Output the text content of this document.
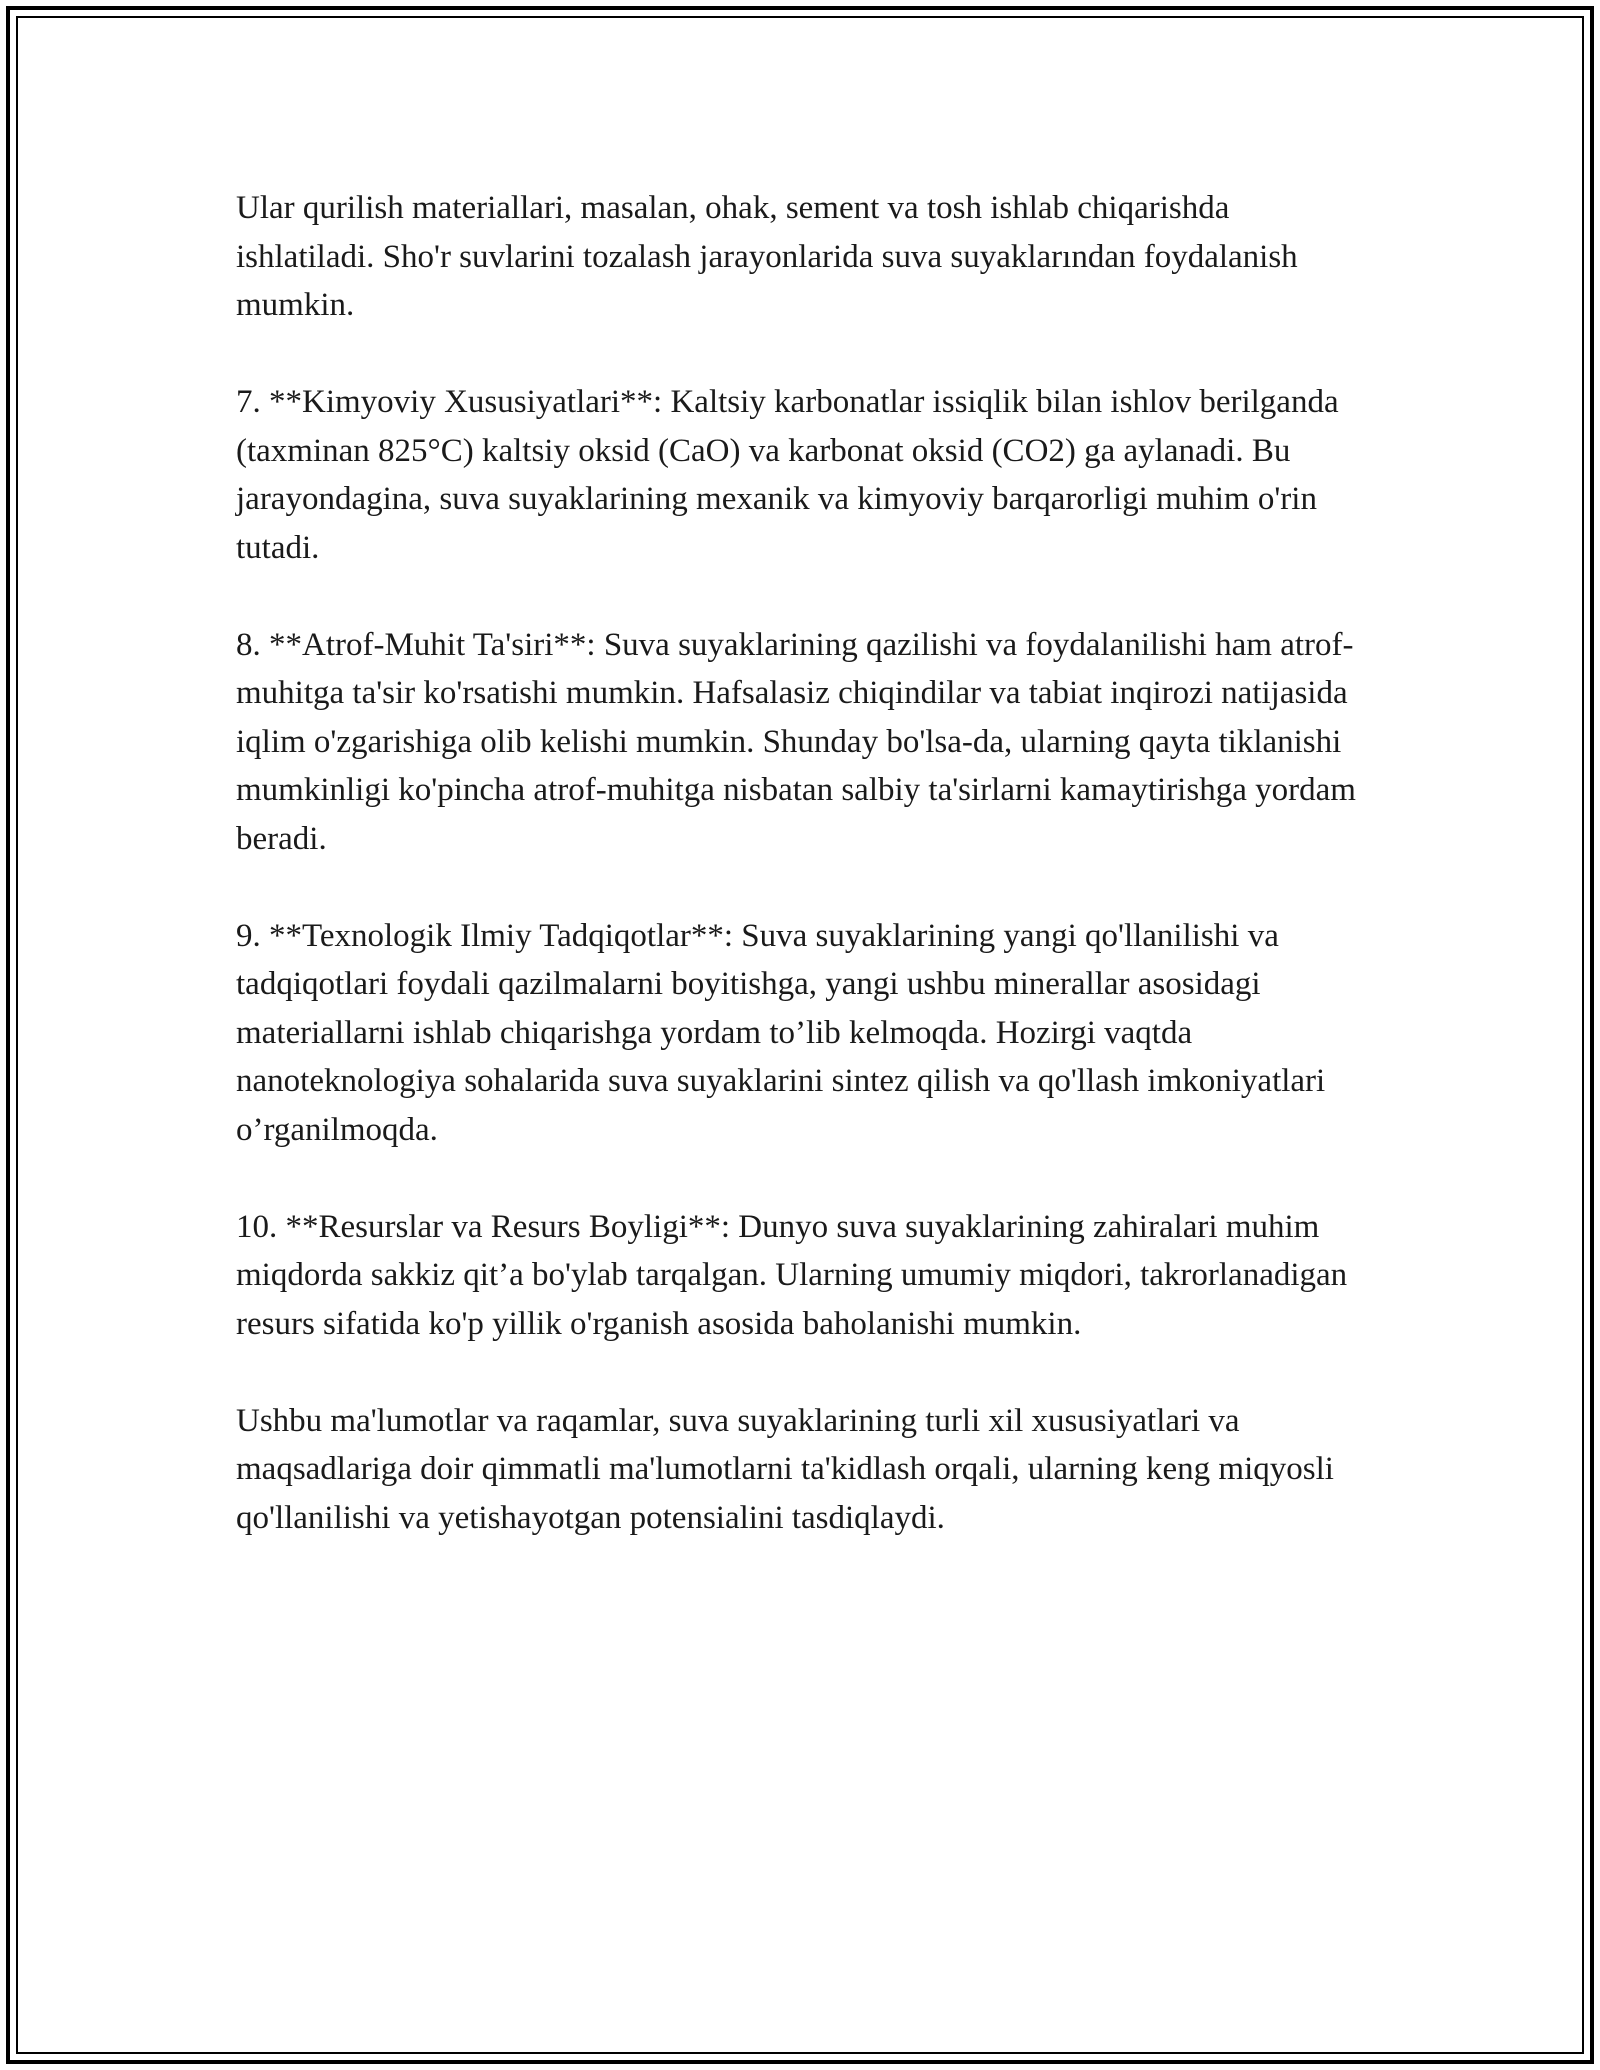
Ular qurilish materiallari, masalan, ohak, sement va tosh ishlab chiqarishda ishlatiladi. Sho'r suvlarini tozalash jarayonlarida suva suyaklarından foydalanish mumkin.

7. **Kimyoviy Xususiyatlari**: Kaltsiy karbonatlar issiqlik bilan ishlov berilganda (taxminan 825°C) kaltsiy oksid (CaO) va karbonat oksid (CO2) ga aylanadi. Bu jarayondagina, suva suyaklarining mexanik va kimyoviy barqarorligi muhim o'rin tutadi.

8. **Atrof-Muhit Ta'siri**: Suva suyaklarining qazilishi va foydalanilishi ham atrof-muhitga ta'sir ko'rsatishi mumkin. Hafsalasiz chiqindilar va tabiat inqirozi natijasida iqlim o'zgarishiga olib kelishi mumkin. Shunday bo'lsa-da, ularning qayta tiklanishi mumkinligi ko'pincha atrof-muhitga nisbatan salbiy ta'sirlarni kamaytirishga yordam beradi.

9. **Texnologik Ilmiy Tadqiqotlar**: Suva suyaklarining yangi qo'llanilishi va tadqiqotlari foydali qazilmalarni boyitishga, yangi ushbu minerallar asosidagi materiallarni ishlab chiqarishga yordam to’lib kelmoqda. Hozirgi vaqtda nanoteknologiya sohalarida suva suyaklarini sintez qilish va qo'llash imkoniyatlari o’rganilmoqda.

10. **Resurslar va Resurs Boyligi**: Dunyo suva suyaklarining zahiralari muhim miqdorda sakkiz qit’a bo'ylab tarqalgan. Ularning umumiy miqdori, takrorlanadigan resurs sifatida ko'p yillik o'rganish asosida baholanishi mumkin.

Ushbu ma'lumotlar va raqamlar, suva suyaklarining turli xil xususiyatlari va maqsadlariga doir qimmatli ma'lumotlarni ta'kidlash orqali, ularning keng miqyosli qo'llanilishi va yetishayotgan potensialini tasdiqlaydi.
